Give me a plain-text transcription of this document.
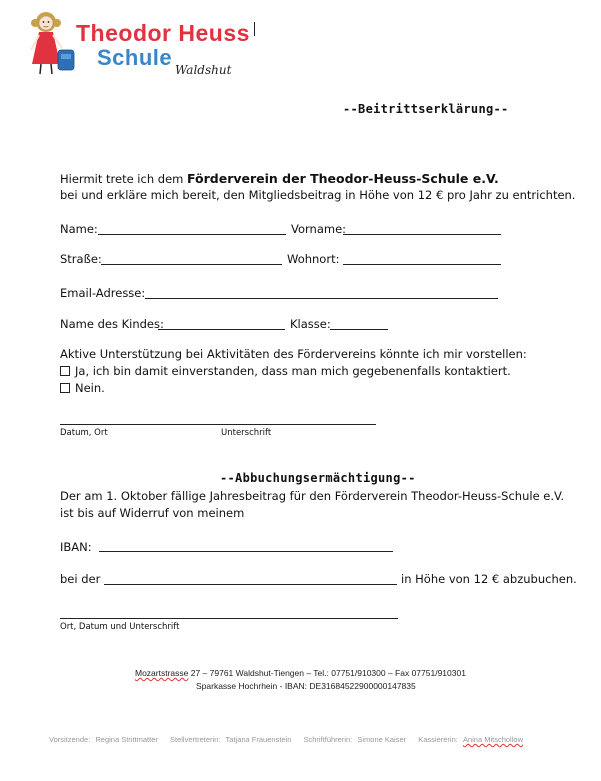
Theodor Heuss
Schule Waldshut
--Beitrittserklärung--
Hiermit trete ich dem Förderverein der Theodor-Heuss-Schule e.V.
bei und erkläre mich bereit, den Mitgliedsbeitrag in Höhe von 12 € pro Jahr zu entrichten.
Name:	Vorname:
Straße:	Wohnort:
Email-Adresse:
Name des Kindes:	Klasse:
Aktive Unterstützung bei Aktivitäten des Fördervereins könnte ich mir vorstellen:
Ja, ich bin damit einverstanden, dass man mich gegebenenfalls kontaktiert.
Nein.
Datum, Ort	Unterschrift
--Abbuchungsermächtigung--
Der am 1. Oktober fällige Jahresbeitrag für den Förderverein Theodor-Heuss-Schule e.V.
ist bis auf Widerruf von meinem
IBAN:
bei der	in Höhe von 12 € abzubuchen.
Ort, Datum und Unterschrift
Mozartstrasse 27 – 79761 Waldshut-Tiengen – Tel.: 07751/910300 – Fax 07751/910301
Sparkasse Hochrhein - IBAN: DE31684522900000147835
Vorsitzende: Regina Strittmatter Stellvertreterin: Tatjana Frauenstein Schriftführerin: Simone Kaiser Kassiererin: Anina Mitschollow
